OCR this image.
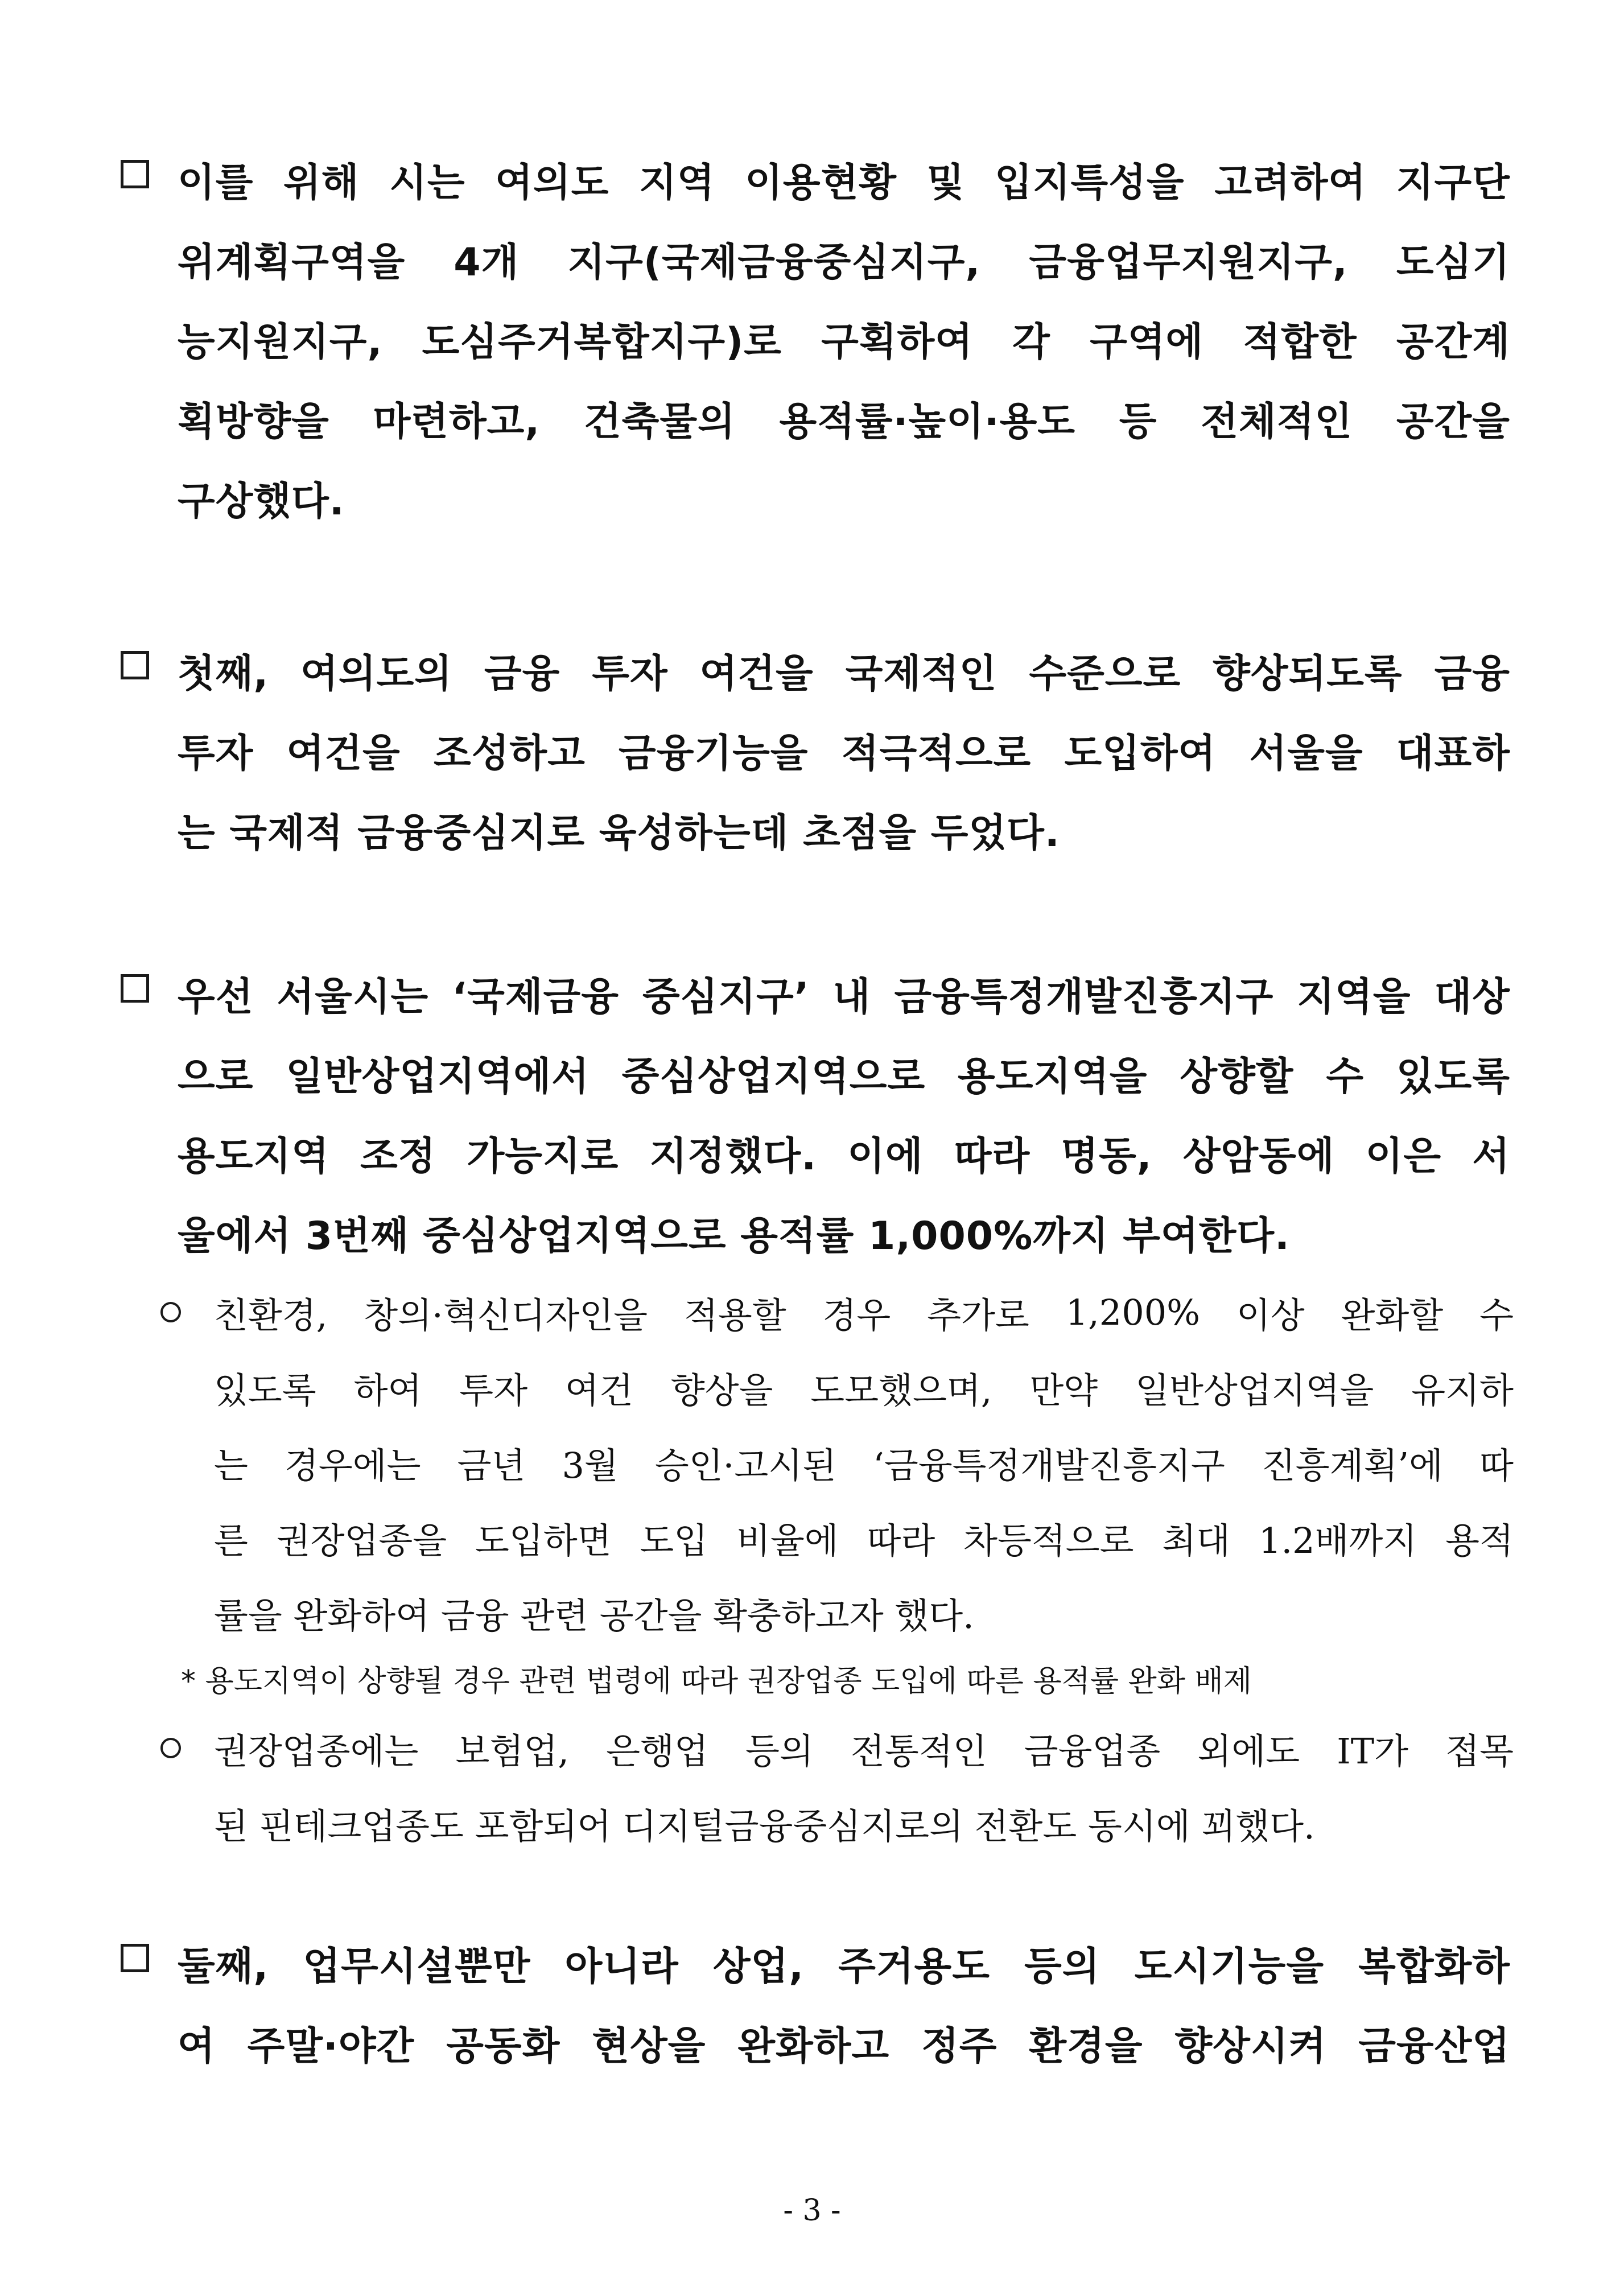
이를 위해 시는 여의도 지역 이용현황 및 입지특성을 고려하여 지구단
위계획구역을 4개 지구(국제금융중심지구, 금융업무지원지구, 도심기
능지원지구, 도심주거복합지구)로 구획하여 각 구역에 적합한 공간계
획방향을 마련하고, 건축물의 용적률·높이·용도 등 전체적인 공간을
구상했다.
첫째, 여의도의 금융 투자 여건을 국제적인 수준으로 향상되도록 금융
투자 여건을 조성하고 금융기능을 적극적으로 도입하여 서울을 대표하
는 국제적 금융중심지로 육성하는데 초점을 두었다.
우선 서울시는 ‘국제금융 중심지구’ 내 금융특정개발진흥지구 지역을 대상
으로 일반상업지역에서 중심상업지역으로 용도지역을 상향할 수 있도록
용도지역 조정 가능지로 지정했다. 이에 따라 명동, 상암동에 이은 서
울에서 3번째 중심상업지역으로 용적률 1,000%까지 부여한다.
친환경, 창의·혁신디자인을 적용할 경우 추가로 1,200% 이상 완화할 수
있도록 하여 투자 여건 향상을 도모했으며, 만약 일반상업지역을 유지하
는 경우에는 금년 3월 승인·고시된 ‘금융특정개발진흥지구 진흥계획’에 따
른 권장업종을 도입하면 도입 비율에 따라 차등적으로 최대 1.2배까지 용적
률을 완화하여 금융 관련 공간을 확충하고자 했다.
* 용도지역이 상향될 경우 관련 법령에 따라 권장업종 도입에 따른 용적률 완화 배제
권장업종에는 보험업, 은행업 등의 전통적인 금융업종 외에도 IT가 접목
된 핀테크업종도 포함되어 디지털금융중심지로의 전환도 동시에 꾀했다.
둘째, 업무시설뿐만 아니라 상업, 주거용도 등의 도시기능을 복합화하
여 주말·야간 공동화 현상을 완화하고 정주 환경을 향상시켜 금융산업
- 3 -
